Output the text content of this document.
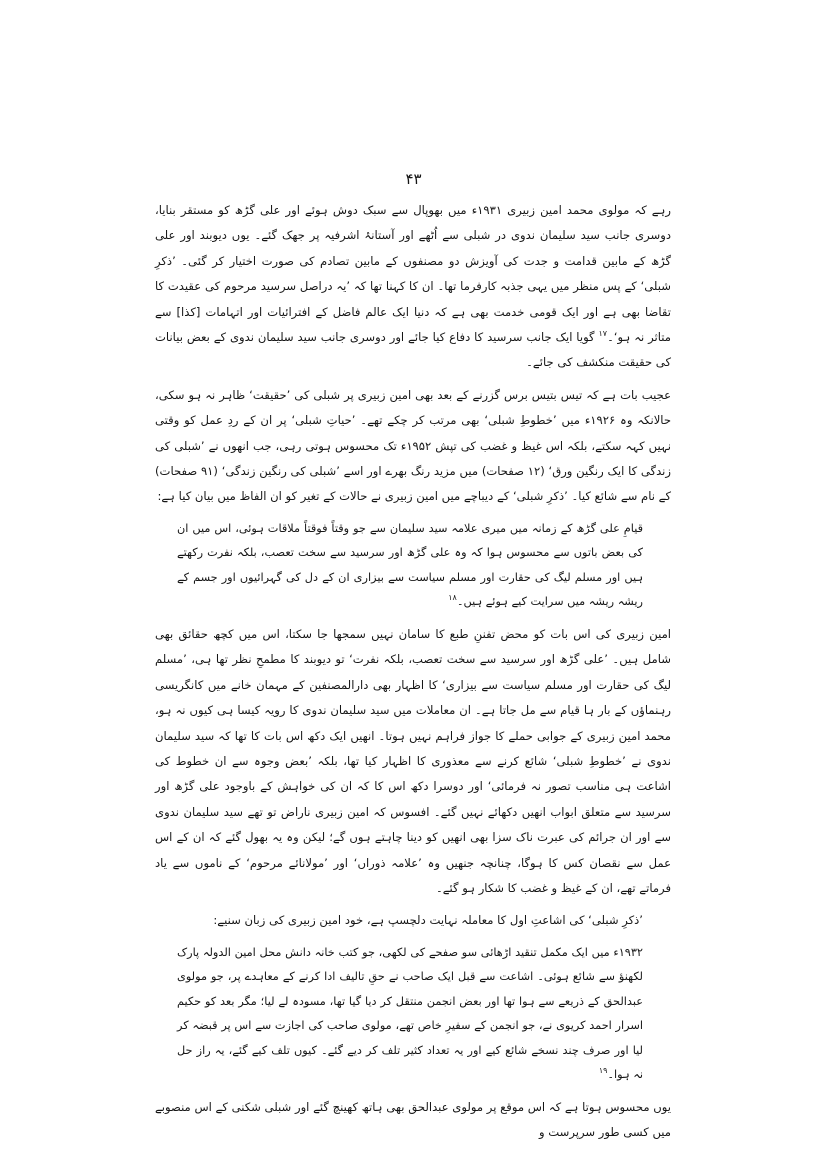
۴۳

رہے کہ مولوی محمد امین زبیری ۱۹۳۱ء میں بھوپال سے سبک دوش ہوئے اور علی گڑھ کو مستقر بنایا، دوسری جانب سید سلیمان ندوی در شبلی سے اُٹھے اور آستانۂ اشرفیہ پر جھک گئے۔ یوں دیوبند اور علی گڑھ کے مابین قدامت و جدت کی آویزش دو مصنفوں کے مابین تصادم کی صورت اختیار کر گئی۔ ’ذکرِ شبلی‘ کے پس منظر میں یہی جذبہ کارفرما تھا۔ ان کا کہنا تھا کہ ’یہ دراصل سرسید مرحوم کی عقیدت کا تقاضا بھی ہے اور ایک قومی خدمت بھی ہے کہ دنیا ایک عالم فاضل کے افترائیات اور اتہامات [کذا] سے متاثر نہ ہو‘۔$^{۱۷}$ گویا ایک جانب سرسید کا دفاع کیا جائے اور دوسری جانب سید سلیمان ندوی کے بعض بیانات کی حقیقت منکشف کی جائے۔

عجیب بات ہے کہ تیس بتیس برس گزرنے کے بعد بھی امین زبیری پر شبلی کی ’حقیقت‘ ظاہر نہ ہو سکی، حالانکہ وہ ۱۹۲۶ء میں ’خطوطِ شبلی‘ بھی مرتب کر چکے تھے۔ ’حیاتِ شبلی‘ پر ان کے ردِ عمل کو وقتی نہیں کہہ سکتے، بلکہ اس غیظ و غضب کی تپش ۱۹۵۲ء تک محسوس ہوتی رہی، جب انھوں نے ’شبلی کی زندگی کا ایک رنگین ورق‘ (۱۲ صفحات) میں مزید رنگ بھرے اور اسے ’شبلی کی رنگین زندگی‘ (۹۱ صفحات) کے نام سے شائع کیا۔ ’ذکرِ شبلی‘ کے دیباچے میں امین زبیری نے حالات کے تغیر کو ان الفاظ میں بیان کیا ہے:

قیامِ علی گڑھ کے زمانہ میں میری علامہ سید سلیمان سے جو وقتاً فوقتاً ملاقات ہوئی، اس میں ان کی بعض باتوں سے محسوس ہوا کہ وہ علی گڑھ اور سرسید سے سخت تعصب، بلکہ نفرت رکھتے ہیں اور مسلم لیگ کی حقارت اور مسلم سیاست سے بیزاری ان کے دل کی گہرائیوں اور جسم کے ریشہ ریشہ میں سرایت کیے ہوئے ہیں۔$^{۱۸}$

امین زبیری کی اس بات کو محض تفننِ طبع کا سامان نہیں سمجھا جا سکتا، اس میں کچھ حقائق بھی شامل ہیں۔ ’علی گڑھ اور سرسید سے سخت تعصب، بلکہ نفرت‘ تو دیوبند کا مطمحِ نظر تھا ہی، ’مسلم لیگ کی حقارت اور مسلم سیاست سے بیزاری‘ کا اظہار بھی دارالمصنفین کے مہمان خانے میں کانگریسی رہنماؤں کے بار ہا قیام سے مل جاتا ہے۔ ان معاملات میں سید سلیمان ندوی کا رویہ کیسا ہی کیوں نہ ہو، محمد امین زبیری کے جوابی حملے کا جواز فراہم نہیں ہوتا۔ انھیں ایک دکھ اس بات کا تھا کہ سید سلیمان ندوی نے ’خطوطِ شبلی‘ شائع کرنے سے معذوری کا اظہار کیا تھا، بلکہ ’بعض وجوہ سے ان خطوط کی اشاعت ہی مناسب تصور نہ فرمائی‘ اور دوسرا دکھ اس کا کہ ان کی خواہش کے باوجود علی گڑھ اور سرسید سے متعلق ابواب انھیں دکھائے نہیں گئے۔ افسوس کہ امین زبیری ناراض تو تھے سید سلیمان ندوی سے اور ان جرائم کی عبرت ناک سزا بھی انھیں کو دینا چاہتے ہوں گے؛ لیکن وہ یہ بھول گئے کہ ان کے اس عمل سے نقصان کس کا ہوگا، چنانچہ جنھیں وہ ’علامہ ذوراں‘ اور ’مولانائے مرحوم‘ کے ناموں سے یاد فرماتے تھے، ان کے غیظ و غضب کا شکار ہو گئے۔

’ذکرِ شبلی‘ کی اشاعتِ اول کا معاملہ نہایت دلچسپ ہے، خود امین زبیری کی زبان سنیے:

۱۹۳۲ء میں ایک مکمل تنقید اڑھائی سو صفحے کی لکھی، جو کتب خانہ دانش محل امین الدولہ پارک لکھنؤ سے شائع ہوئی۔ اشاعت سے قبل ایک صاحب نے حقِ تالیف ادا کرنے کے معاہدے پر، جو مولوی عبدالحق کے ذریعے سے ہوا تھا اور بعض انجمن منتقل کر دیا گیا تھا، مسودہ لے لیا؛ مگر بعد کو حکیم اسرار احمد کریوی نے، جو انجمن کے سفیرِ خاص تھے، مولوی صاحب کی اجازت سے اس پر قبضہ کر لیا اور صرف چند نسخے شائع کیے اور یہ تعداد کثیر تلف کر دیے گئے۔ کیوں تلف کیے گئے، یہ راز حل نہ ہوا۔$^{۱۹}$

یوں محسوس ہوتا ہے کہ اس موقع پر مولوی عبدالحق بھی ہاتھ کھینچ گئے اور شبلی شکنی کے اس منصوبے میں کسی طور سرپرست و
